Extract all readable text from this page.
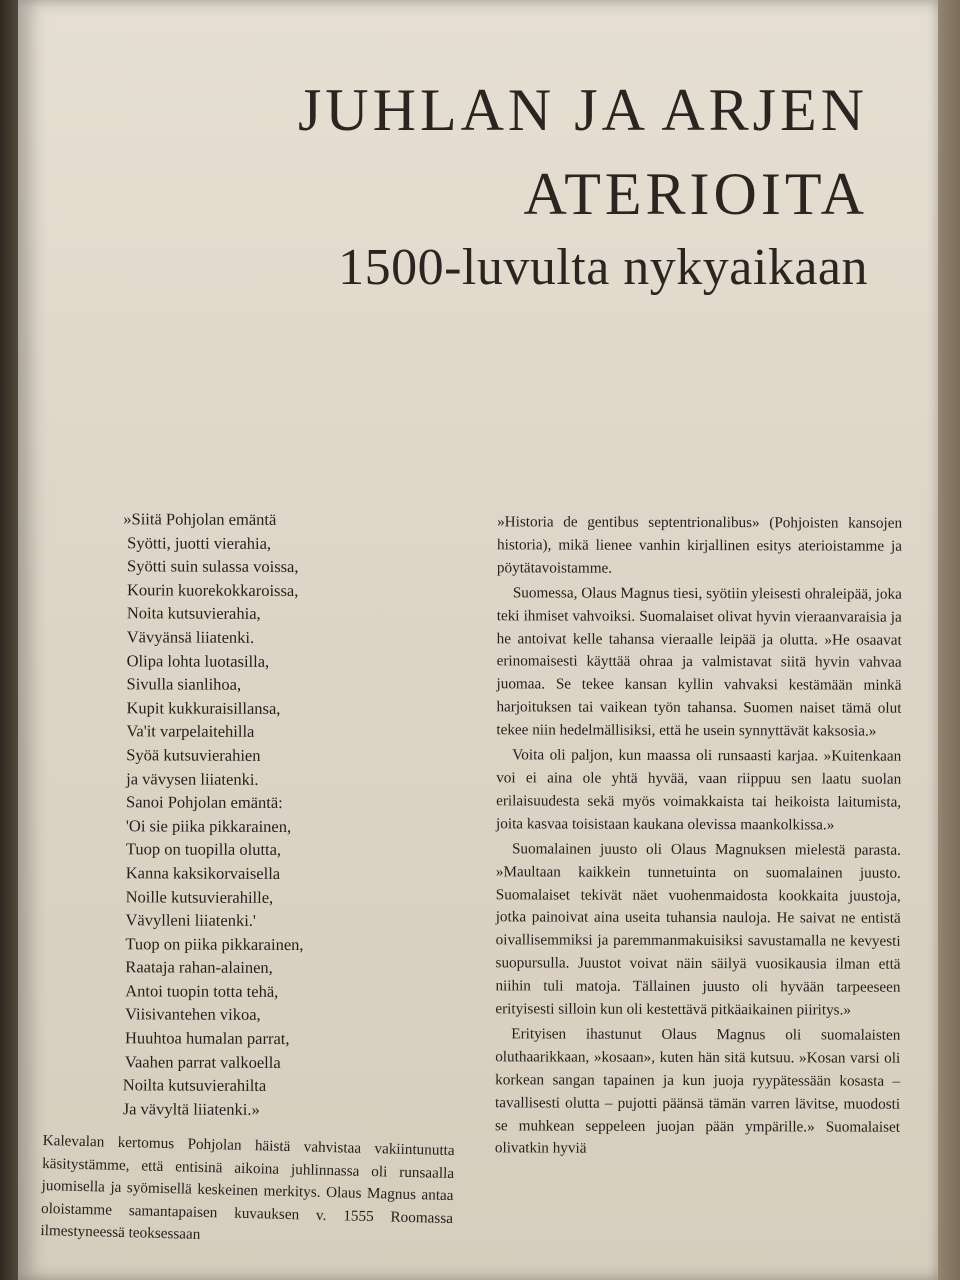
JUHLAN JA ARJEN
ATERIOITA
1500-luvulta nykyaikaan
»Siitä Pohjolan emäntä
Syötti, juotti vierahia,
Syötti suin sulassa voissa,
Kourin kuorekokkaroissa,
Noita kutsuvierahia,
Vävyänsä liiatenki.
Olipa lohta luotasilla,
Sivulla sianlihoa,
Kupit kukkuraisillansa,
Va'it varpelaitehilla
Syöä kutsuvierahien
ja vävysen liiatenki.
Sanoi Pohjolan emäntä:
'Oi sie piika pikkarainen,
Tuop on tuopilla olutta,
Kanna kaksikorvaisella
Noille kutsuvierahille,
Vävylleni liiatenki.'
Tuop on piika pikkarainen,
Raataja rahan-alainen,
Antoi tuopin totta tehä,
Viisivantehen vikoa,
Huuhtoa humalan parrat,
Vaahen parrat valkoella
Noilta kutsuvierahilta
Ja vävyltä liiatenki.»
Kalevalan kertomus Pohjolan häistä vahvistaa vakiintunutta käsitystämme, että entisinä aikoina juhlinnassa oli runsaalla juomisella ja syömisellä keskeinen merkitys. Olaus Magnus antaa oloistamme samantapaisen kuvauksen v. 1555 Roomassa ilmestyneessä teoksessaan

»Historia de gentibus septentrionalibus» (Pohjoisten kansojen historia), mikä lienee vanhin kirjallinen esitys aterioistamme ja pöytätavoistamme.

Suomessa, Olaus Magnus tiesi, syötiin yleisesti ohraleipää, joka teki ihmiset vahvoiksi. Suomalaiset olivat hyvin vieraanvaraisia ja he antoivat kelle tahansa vieraalle leipää ja olutta. »He osaavat erinomaisesti käyttää ohraa ja valmistavat siitä hyvin vahvaa juomaa. Se tekee kansan kyllin vahvaksi kestämään minkä harjoituksen tai vaikean työn tahansa. Suomen naiset tämä olut tekee niin hedelmällisiksi, että he usein synnyttävät kaksosia.»

Voita oli paljon, kun maassa oli runsaasti karjaa. »Kuitenkaan voi ei aina ole yhtä hyvää, vaan riippuu sen laatu suolan erilaisuudesta sekä myös voimakkaista tai heikoista laitumista, joita kasvaa toisistaan kaukana olevissa maankolkissa.»

Suomalainen juusto oli Olaus Magnuksen mielestä parasta. »Maultaan kaikkein tunnetuinta on suomalainen juusto. Suomalaiset tekivät näet vuohenmaidosta kookkaita juustoja, jotka painoivat aina useita tuhansia nauloja. He saivat ne entistä oivallisemmiksi ja paremmanmakuisiksi savustamalla ne kevyesti suopursulla. Juustot voivat näin säilyä vuosikausia ilman että niihin tuli matoja. Tällainen juusto oli hyvään tarpeeseen erityisesti silloin kun oli kestettävä pitkäaikainen piiritys.»

Erityisen ihastunut Olaus Magnus oli suomalaisten oluthaarikkaan, »kosaan», kuten hän sitä kutsuu. »Kosan varsi oli korkean sangan tapainen ja kun juoja ryypätessään kosasta – tavallisesti olutta – pujotti päänsä tämän varren lävitse, muodosti se muhkean seppeleen juojan pään ympärille.» Suomalaiset olivatkin hyviä
